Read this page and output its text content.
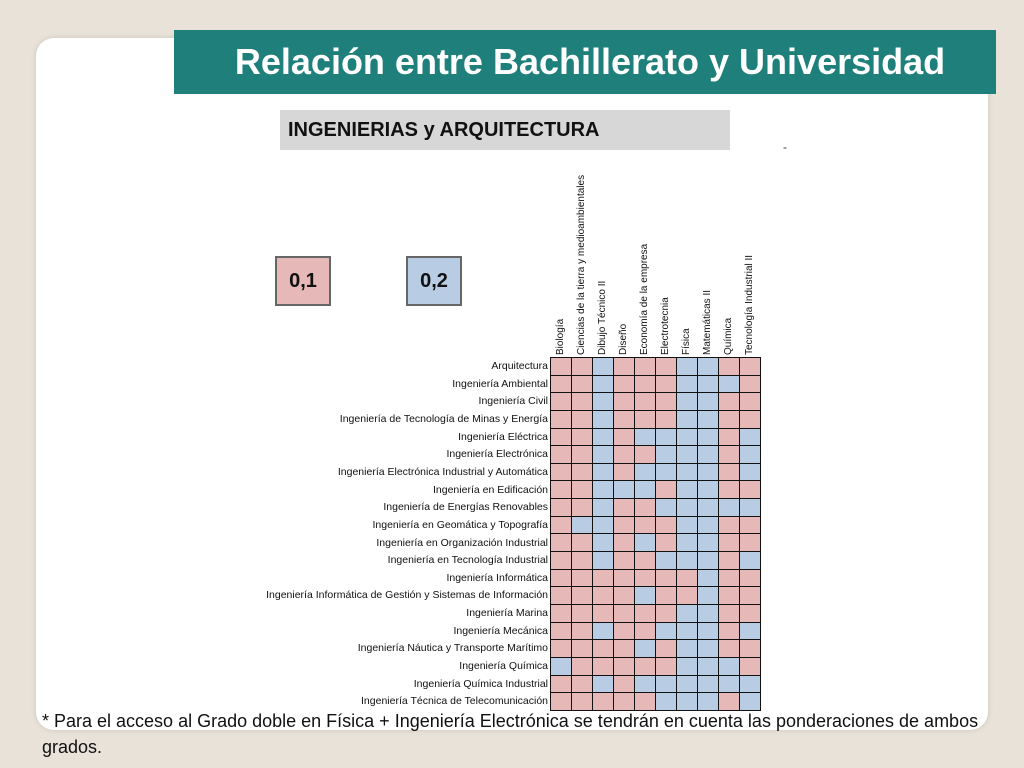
Relación entre Bachillerato y Universidad
INGENIERIAS y ARQUITECTURA
-
0,1	0,2
Biología Ciencias de la tierra y medioambientales Dibujo Técnico II Diseño Economía de la empresa Electrotecnia Física Matemáticas II Química Tecnología Industrial II
Arquitectura
Ingeniería Ambiental
Ingeniería Civil
Ingeniería de Tecnología de Minas y Energía
Ingeniería Eléctrica
Ingeniería Electrónica
Ingeniería Electrónica Industrial y Automática
Ingeniería en Edificación
Ingeniería de Energías Renovables
Ingeniería en Geomática y Topografía
Ingeniería en Organización Industrial
Ingeniería en Tecnología Industrial
Ingeniería Informática
Ingeniería Informática de Gestión y Sistemas de Información
Ingeniería Marina
Ingeniería Mecánica
Ingeniería Náutica y Transporte Marítimo
Ingeniería Química
Ingeniería Química Industrial
Ingeniería Técnica de Telecomunicación
* Para el acceso al Grado doble en Física + Ingeniería Electrónica se tendrán en cuenta las ponderaciones de ambos grados.
